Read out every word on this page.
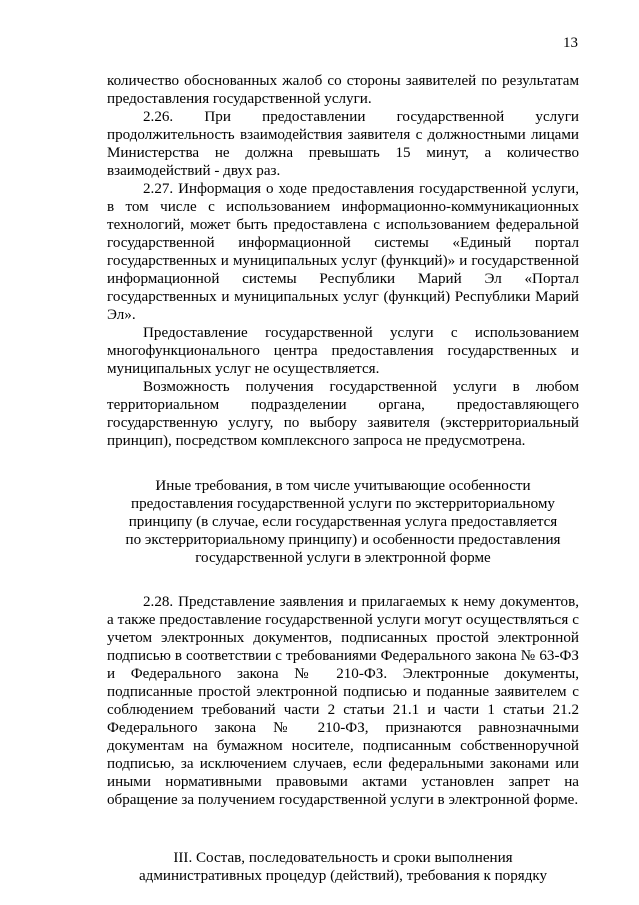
13

количество обоснованных жалоб со стороны заявителей по результатам предоставления государственной услуги.

2.26. При предоставлении государственной услуги продолжительность взаимодействия заявителя с должностными лицами Министерства не должна превышать 15 минут, а количество взаимодействий - двух раз.

2.27. Информация о ходе предоставления государственной услуги, в том числе с использованием информационно-коммуникационных технологий, может быть предоставлена с использованием федеральной государственной информационной системы «Единый портал государственных и муниципальных услуг (функций)» и государственной информационной системы Республики Марий Эл «Портал государственных и муниципальных услуг (функций) Республики Марий Эл».

Предоставление государственной услуги с использованием многофункционального центра предоставления государственных и муниципальных услуг не осуществляется.

Возможность получения государственной услуги в любом территориальном подразделении органа, предоставляющего государственную услугу, по выбору заявителя (экстерриториальный принцип), посредством комплексного запроса не предусмотрена.

Иные требования, в том числе учитывающие особенности
предоставления государственной услуги по экстерриториальному
принципу (в случае, если государственная услуга предоставляется
по экстерриториальному принципу) и особенности предоставления
государственной услуги в электронной форме

2.28. Представление заявления и прилагаемых к нему документов, а также предоставление государственной услуги могут осуществляться с учетом электронных документов, подписанных простой электронной подписью в соответствии с требованиями Федерального закона № 63-ФЗ и Федерального закона № 210-ФЗ. Электронные документы, подписанные простой электронной подписью и поданные заявителем с соблюдением требований части 2 статьи 21.1 и части 1 статьи 21.2 Федерального закона № 210-ФЗ, признаются равнозначными документам на бумажном носителе, подписанным собственноручной подписью, за исключением случаев, если федеральными законами или иными нормативными правовыми актами установлен запрет на обращение за получением государственной услуги в электронной форме.

III. Состав, последовательность и сроки выполнения
административных процедур (действий), требования к порядку
